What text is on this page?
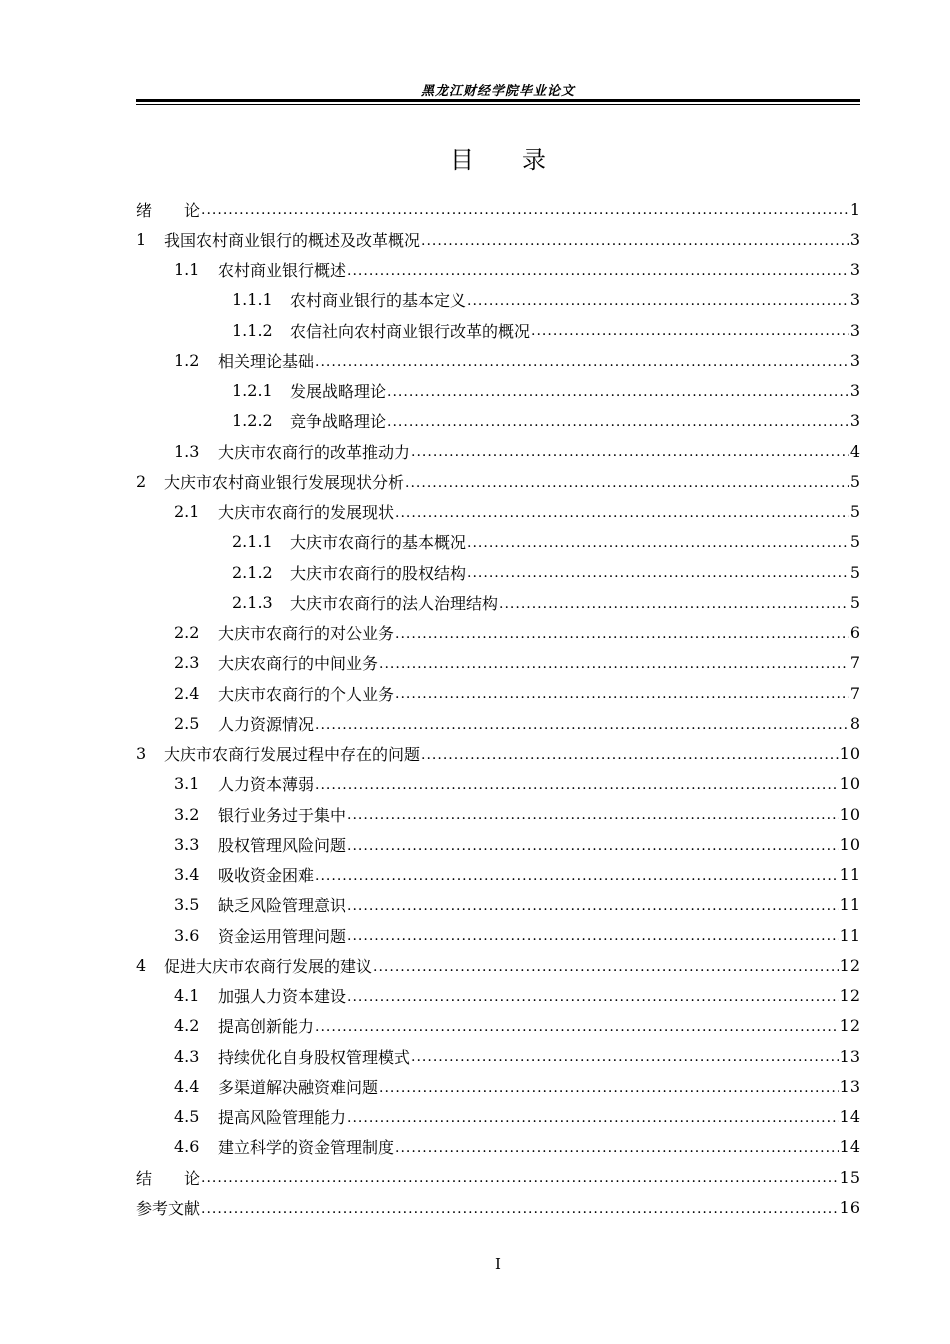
黑龙江财经学院毕业论文
目　　录
绪　　论 .....	1
1	我国农村商业银行的概述及改革概况 .....	3
1.1	农村商业银行概述 .....	3
1.1.1	农村商业银行的基本定义 .....	3
1.1.2	农信社向农村商业银行改革的概况 .....	3
1.2	相关理论基础 .....	3
1.2.1	发展战略理论 .....	3
1.2.2	竞争战略理论 .....	3
1.3	大庆市农商行的改革推动力 .....	4
2	大庆市农村商业银行发展现状分析 .....	5
2.1	大庆市农商行的发展现状 .....	5
2.1.1	大庆市农商行的基本概况 .....	5
2.1.2	大庆市农商行的股权结构 .....	5
2.1.3	大庆市农商行的法人治理结构 .....	5
2.2	大庆市农商行的对公业务 .....	6
2.3	大庆农商行的中间业务 .....	7
2.4	大庆市农商行的个人业务 .....	7
2.5	人力资源情况 .....	8
3	大庆市农商行发展过程中存在的问题 .....	10
3.1	人力资本薄弱 .....	10
3.2	银行业务过于集中 .....	10
3.3	股权管理风险问题 .....	10
3.4	吸收资金困难 .....	11
3.5	缺乏风险管理意识 .....	11
3.6	资金运用管理问题 .....	11
4	促进大庆市农商行发展的建议 .....	12
4.1	加强人力资本建设 .....	12
4.2	提高创新能力 .....	12
4.3	持续优化自身股权管理模式 .....	13
4.4	多渠道解决融资难问题 .....	13
4.5	提高风险管理能力 .....	14
4.6	建立科学的资金管理制度 .....	14
结　　论 .....	15
参考文献 .....	16
I
